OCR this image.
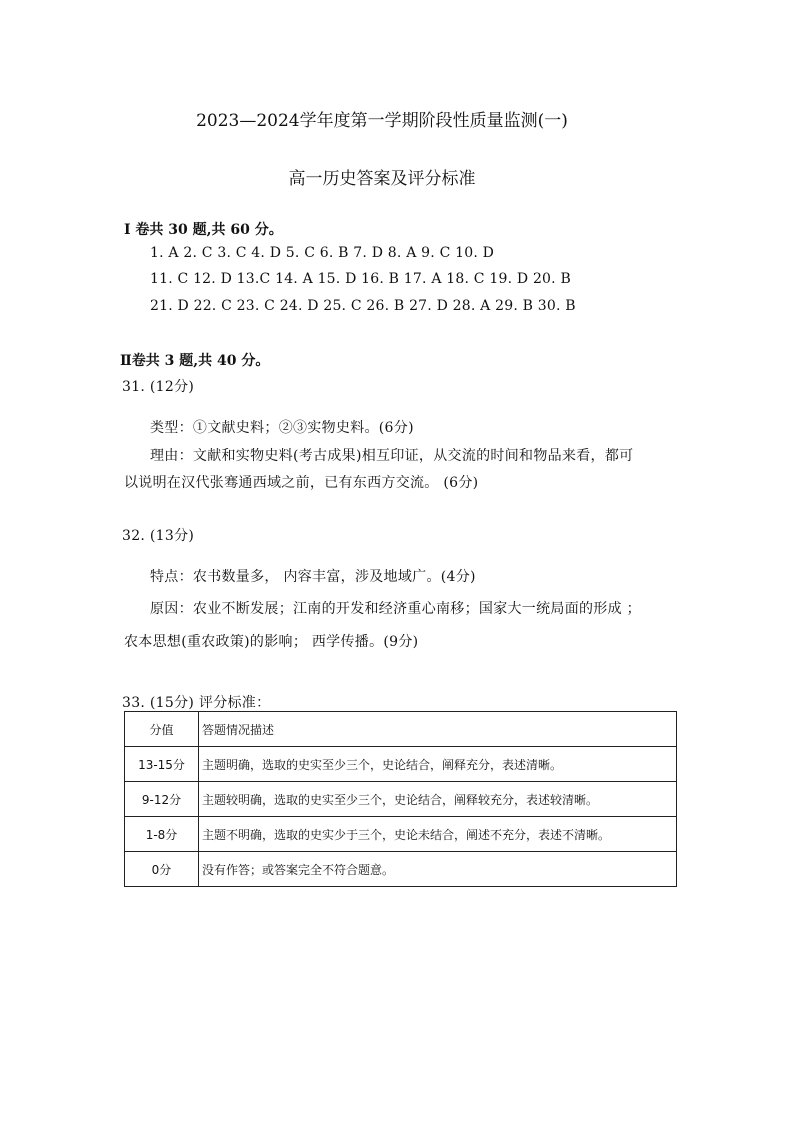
2023—2024学年度第一学期阶段性质量监测(一)
高一历史答案及评分标准
Ⅰ 卷共 30 题,共 60 分。
1. A 2. C 3. C 4. D 5. C 6. B 7. D 8. A 9. C 10. D
11. C 12. D 13.C 14. A 15. D 16. B 17. A 18. C 19. D 20. B
21. D 22. C 23. C 24. D 25. C 26. B 27. D 28. A 29. B 30. B
Ⅱ卷共 3 题,共 40 分。
31. (12分)
类型：①文献史料；②③实物史料。(6分)
理由：文献和实物史料(考古成果)相互印证，从交流的时间和物品来看，都可
以说明在汉代张骞通西域之前，已有东西方交流。 (6分)
32. (13分)
特点：农书数量多， 内容丰富，涉及地域广。(4分)
原因：农业不断发展；江南的开发和经济重心南移；国家大一统局面的形成 ；
农本思想(重农政策)的影响； 西学传播。(9分)
33. (15分) 评分标准：
分值	答题情况描述
13-15分	主题明确，选取的史实至少三个，史论结合，阐释充分，表述清晰。
9-12分	主题较明确，选取的史实至少三个，史论结合，阐释较充分，表述较清晰。
1-8分	主题不明确，选取的史实少于三个，史论未结合，阐述不充分，表述不清晰。
0分	没有作答；或答案完全不符合题意。
